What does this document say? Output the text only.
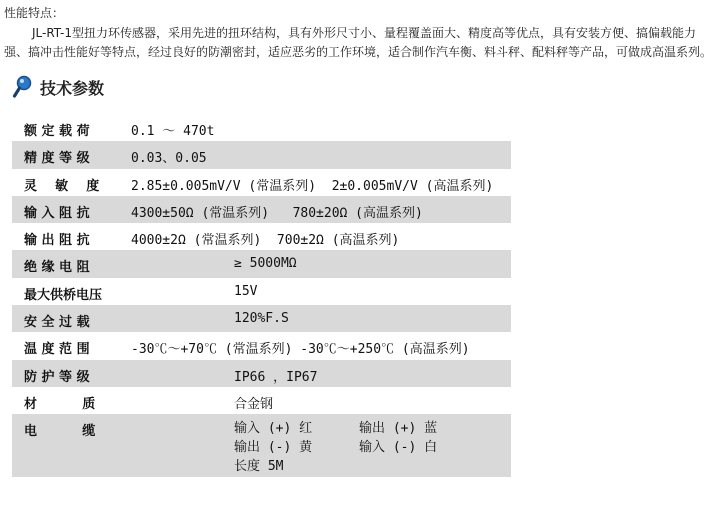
性能特点：
JL-RT-1型扭力环传感器，采用先进的扭环结构，具有外形尺寸小、量程覆盖面大、精度高等优点，具有安装方便、搞偏载能力强、搞冲击性能好等特点，经过良好的防潮密封，适应恶劣的工作环境，适合制作汽车衡、料斗秤、配料秤等产品，可做成高温系列。
技术参数
额 定 载 荷	0.1 ～ 470t
精 度 等 级	0.03、0.05
灵    敏    度 2.85±0.005mV/V (常温系列)  2±0.005mV/V (高温系列)
输 入 阻 抗	4300±50Ω (常温系列)   780±20Ω (高温系列)
输 出 阻 抗	4000±2Ω (常温系列)  700±2Ω (高温系列)
绝 缘 电 阻	≥ 5000MΩ
最大供桥电压	15V
安 全 过 载	120%F.S
温 度 范 围	-30℃～+70℃ (常温系列) -30℃～+250℃ (高温系列)
防 护 等 级	IP66 ，IP67
材          质	合金钢
电          缆	输入 (+) 红	输出 (+) 蓝
输出 (-) 黄	输入 (-) 白
长度 5M
